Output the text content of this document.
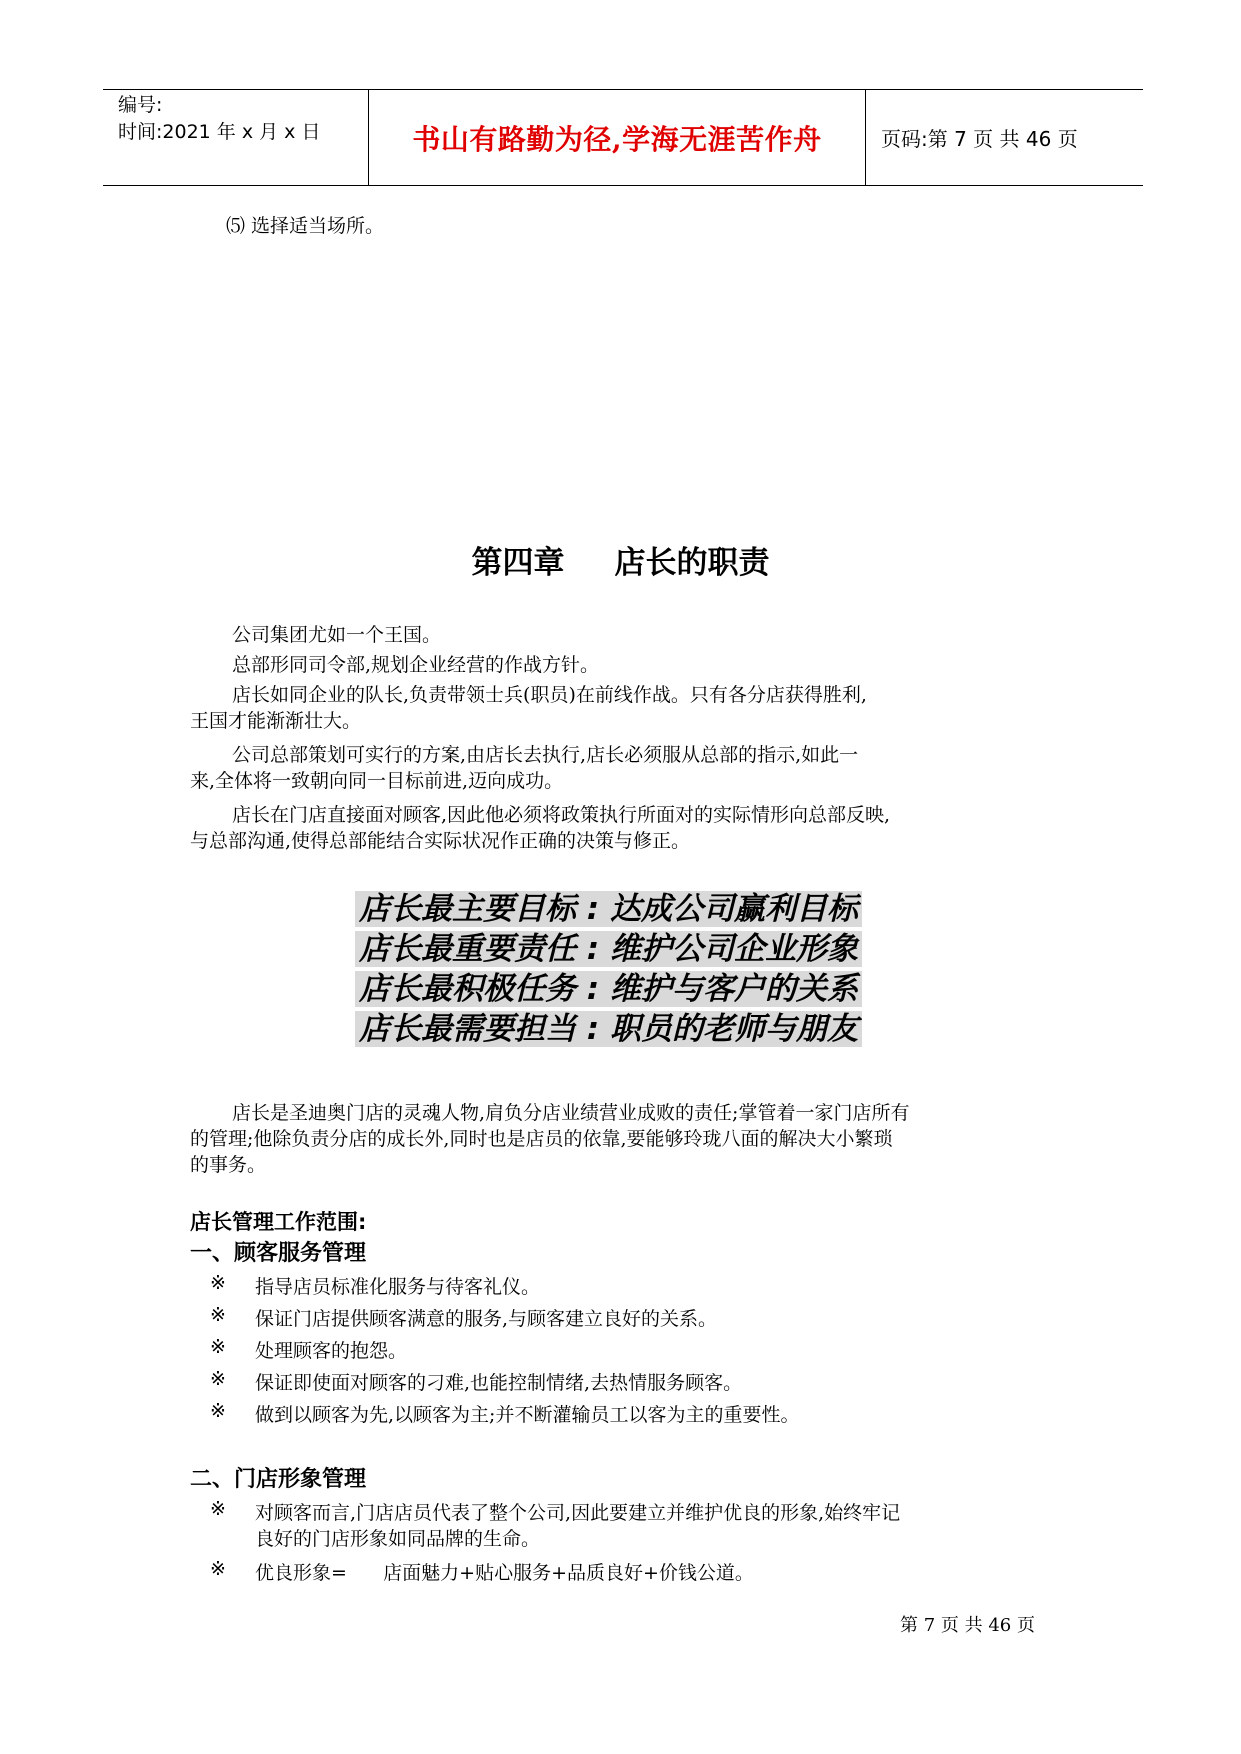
编号:
时间:2021 年 x 月 x 日	书山有路勤为径,学海无涯苦作舟	页码:第 7 页 共 46 页
⑸ 选择适当场所。
第四章 店长的职责
公司集团尤如一个王国。
总部形同司令部,规划企业经营的作战方针。
店长如同企业的队长,负责带领士兵(职员)在前线作战。只有各分店获得胜利,
王国才能渐渐壮大。
公司总部策划可实行的方案,由店长去执行,店长必须服从总部的指示,如此一
来,全体将一致朝向同一目标前进,迈向成功。
店长在门店直接面对顾客,因此他必须将政策执行所面对的实际情形向总部反映,
与总部沟通,使得总部能结合实际状况作正确的决策与修正。
店长最主要目标 : 达成公司赢利目标
店长最重要责任 : 维护公司企业形象
店长最积极任务 : 维护与客户的关系
店长最需要担当 : 职员的老师与朋友
店长是圣迪奥门店的灵魂人物,肩负分店业绩营业成败的责任;掌管着一家门店所有
的管理;他除负责分店的成长外,同时也是店员的依靠,要能够玲珑八面的解决大小繁琐
的事务。
店长管理工作范围:
一、顾客服务管理
※ 指导店员标准化服务与待客礼仪。
※ 保证门店提供顾客满意的服务,与顾客建立良好的关系。
※ 处理顾客的抱怨。
※ 保证即使面对顾客的刁难,也能控制情绪,去热情服务顾客。
※ 做到以顾客为先,以顾客为主;并不断灌输员工以客为主的重要性。
二、门店形象管理
※ 对顾客而言,门店店员代表了整个公司,因此要建立并维护优良的形象,始终牢记
良好的门店形象如同品牌的生命。
※ 优良形象=      店面魅力+贴心服务+品质良好+价钱公道。
第 7 页 共 46 页
